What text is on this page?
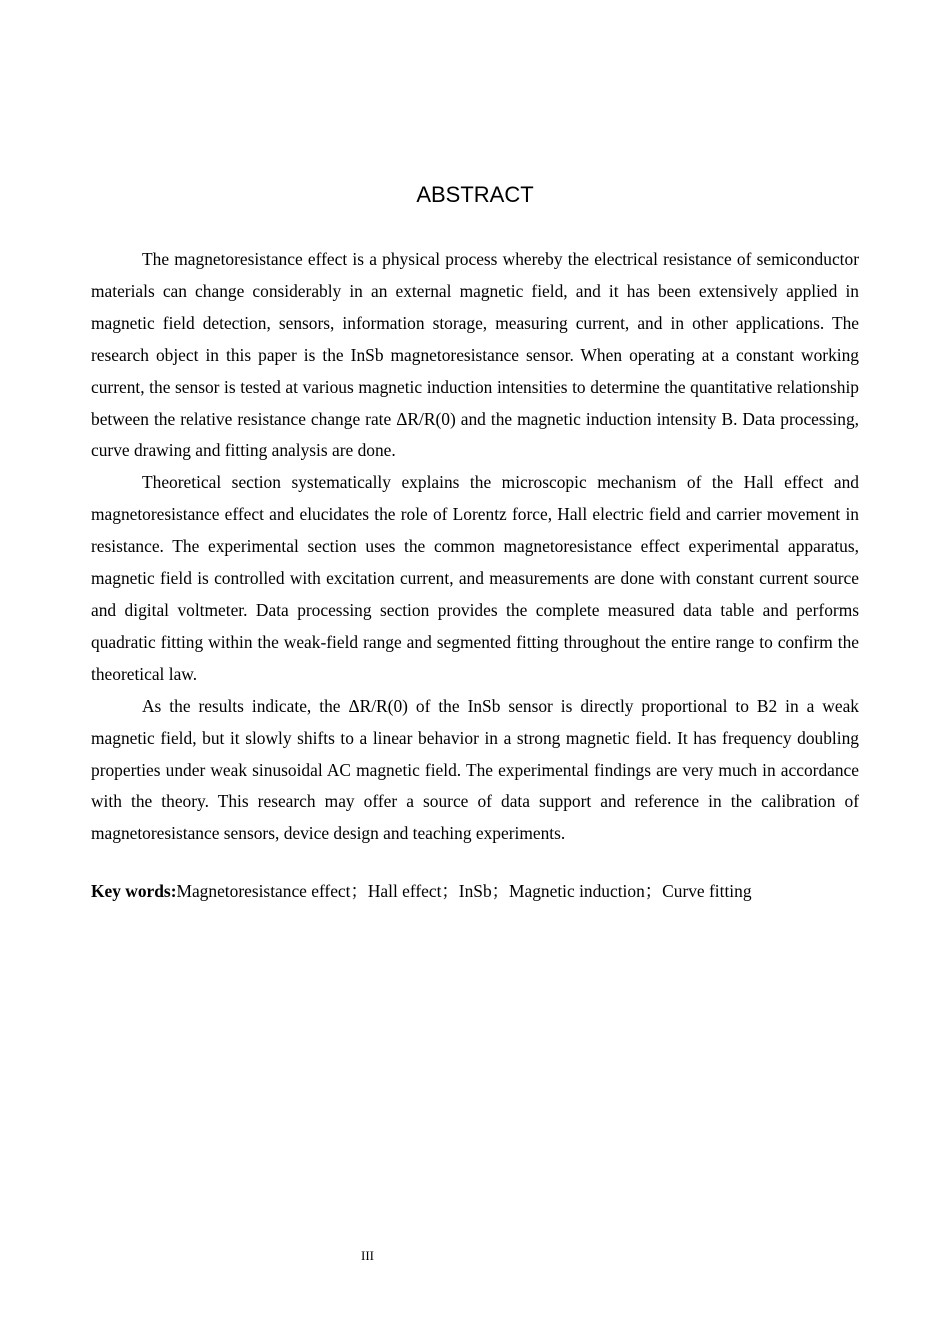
ABSTRACT

The magnetoresistance effect is a physical process whereby the electrical resistance of semiconductor materials can change considerably in an external magnetic field, and it has been extensively applied in magnetic field detection, sensors, information storage, measuring current, and in other applications. The research object in this paper is the InSb magnetoresistance sensor. When operating at a constant working current, the sensor is tested at various magnetic induction intensities to determine the quantitative relationship between the relative resistance change rate ΔR/R(0) and the magnetic induction intensity B. Data processing, curve drawing and fitting analysis are done.

Theoretical section systematically explains the microscopic mechanism of the Hall effect and magnetoresistance effect and elucidates the role of Lorentz force, Hall electric field and carrier movement in resistance. The experimental section uses the common magnetoresistance effect experimental apparatus, magnetic field is controlled with excitation current, and measurements are done with constant current source and digital voltmeter. Data processing section provides the complete measured data table and performs quadratic fitting within the weak-field range and segmented fitting throughout the entire range to confirm the theoretical law.

As the results indicate, the ΔR/R(0) of the InSb sensor is directly proportional to B2 in a weak magnetic field, but it slowly shifts to a linear behavior in a strong magnetic field. It has frequency doubling properties under weak sinusoidal AC magnetic field. The experimental findings are very much in accordance with the theory. This research may offer a source of data support and reference in the calibration of magnetoresistance sensors, device design and teaching experiments.

Key words:Magnetoresistance effect；Hall effect；InSb；Magnetic induction；Curve fitting

III
